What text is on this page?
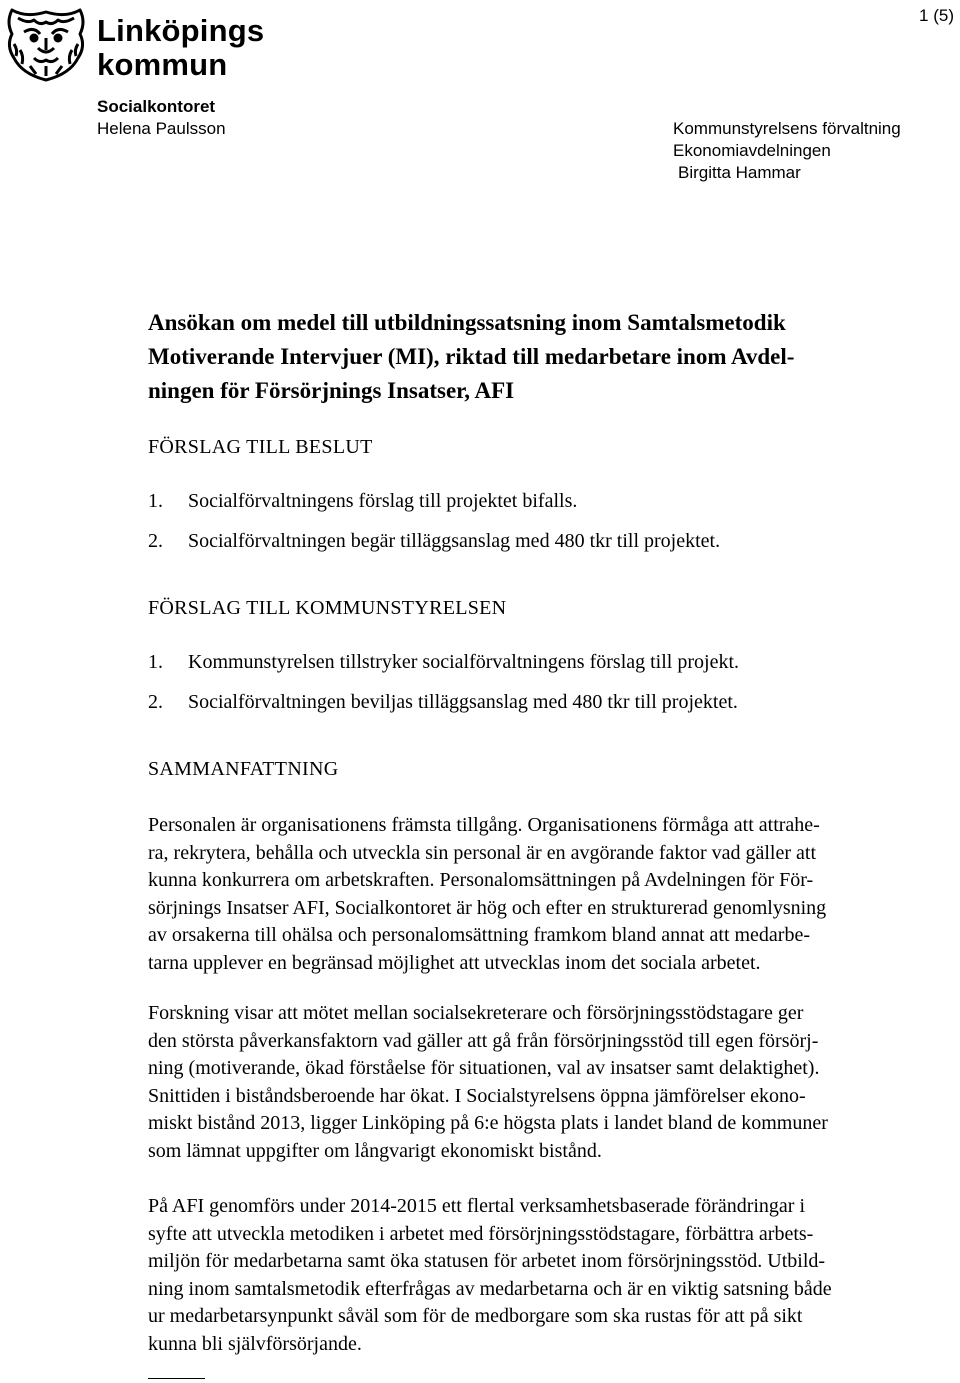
Linköpings
kommun
1 (5)
Socialkontoret
Helena Paulsson	Kommunstyrelsens förvaltning
Ekonomiavdelningen
Birgitta Hammar
Ansökan om medel till utbildningssatsning inom Samtalsmetodik
Motiverande Intervjuer (MI), riktad till medarbetare inom Avdel-
ningen för Försörjnings Insatser, AFI
FÖRSLAG TILL BESLUT
1. Socialförvaltningens förslag till projektet bifalls.
2. Socialförvaltningen begär tilläggsanslag med 480 tkr till projektet.
FÖRSLAG TILL KOMMUNSTYRELSEN
1. Kommunstyrelsen tillstryker socialförvaltningens förslag till projekt.
2. Socialförvaltningen beviljas tilläggsanslag med 480 tkr till projektet.
SAMMANFATTNING
Personalen är organisationens främsta tillgång. Organisationens förmåga att attrahe-
ra, rekrytera, behålla och utveckla sin personal är en avgörande faktor vad gäller att
kunna konkurrera om arbetskraften. Personalomsättningen på Avdelningen för För-
sörjnings Insatser AFI, Socialkontoret är hög och efter en strukturerad genomlysning
av orsakerna till ohälsa och personalomsättning framkom bland annat att medarbe-
tarna upplever en begränsad möjlighet att utvecklas inom det sociala arbetet.
Forskning visar att mötet mellan socialsekreterare och försörjningsstödstagare ger
den största påverkansfaktorn vad gäller att gå från försörjningsstöd till egen försörj-
ning (motiverande, ökad förståelse för situationen, val av insatser samt delaktighet).
Snittiden i biståndsberoende har ökat. I Socialstyrelsens öppna jämförelser ekono-
miskt bistånd 2013, ligger Linköping på 6:e högsta plats i landet bland de kommuner
som lämnat uppgifter om långvarigt ekonomiskt bistånd.
På AFI genomförs under 2014-2015 ett flertal verksamhetsbaserade förändringar i
syfte att utveckla metodiken i arbetet med försörjningsstödstagare, förbättra arbets-
miljön för medarbetarna samt öka statusen för arbetet inom försörjningsstöd. Utbild-
ning inom samtalsmetodik efterfrågas av medarbetarna och är en viktig satsning både
ur medarbetarsynpunkt såväl som för de medborgare som ska rustas för att på sikt
kunna bli självförsörjande.
